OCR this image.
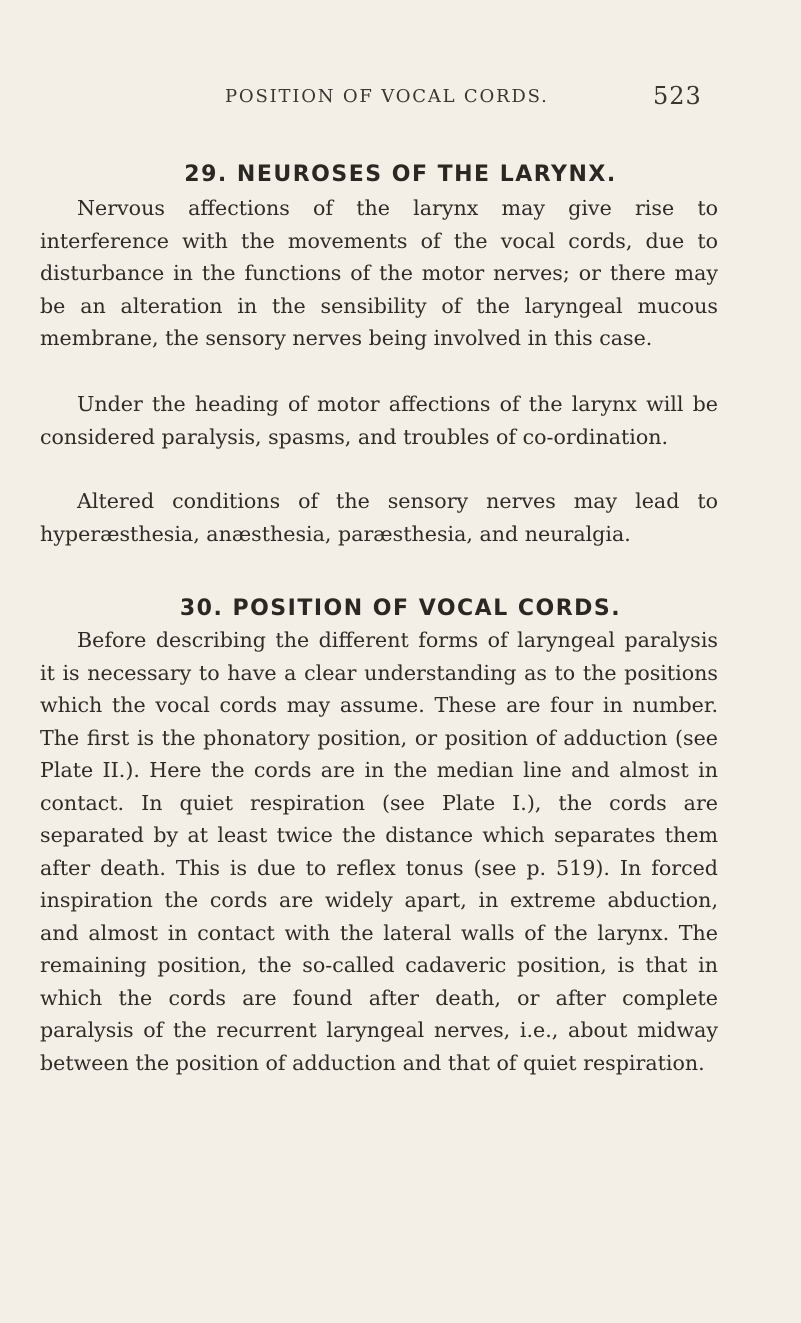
POSITION OF VOCAL CORDS.	523
29. NEUROSES OF THE LARYNX.

Nervous affections of the larynx may give rise to interference with the movements of the vocal cords, due to disturbance in the functions of the motor nerves; or there may be an alteration in the sensibility of the laryngeal mucous membrane, the sensory nerves being involved in this case.

Under the heading of motor affections of the larynx will be considered paralysis, spasms, and troubles of co-ordination.

Altered conditions of the sensory nerves may lead to hyperæsthesia, anæsthesia, paræsthesia, and neuralgia.

30. POSITION OF VOCAL CORDS.

Before describing the different forms of laryngeal paralysis it is necessary to have a clear understanding as to the positions which the vocal cords may assume. These are four in number. The first is the phonatory position, or position of adduction (see Plate II.). Here the cords are in the median line and almost in contact. In quiet respiration (see Plate I.), the cords are separated by at least twice the distance which separates them after death. This is due to reflex tonus (see p. 519). In forced inspiration the cords are widely apart, in extreme abduction, and almost in contact with the lateral walls of the larynx. The remaining position, the so-called cadaveric position, is that in which the cords are found after death, or after complete paralysis of the recurrent laryngeal nerves, i.e., about midway between the position of adduction and that of quiet respiration.
